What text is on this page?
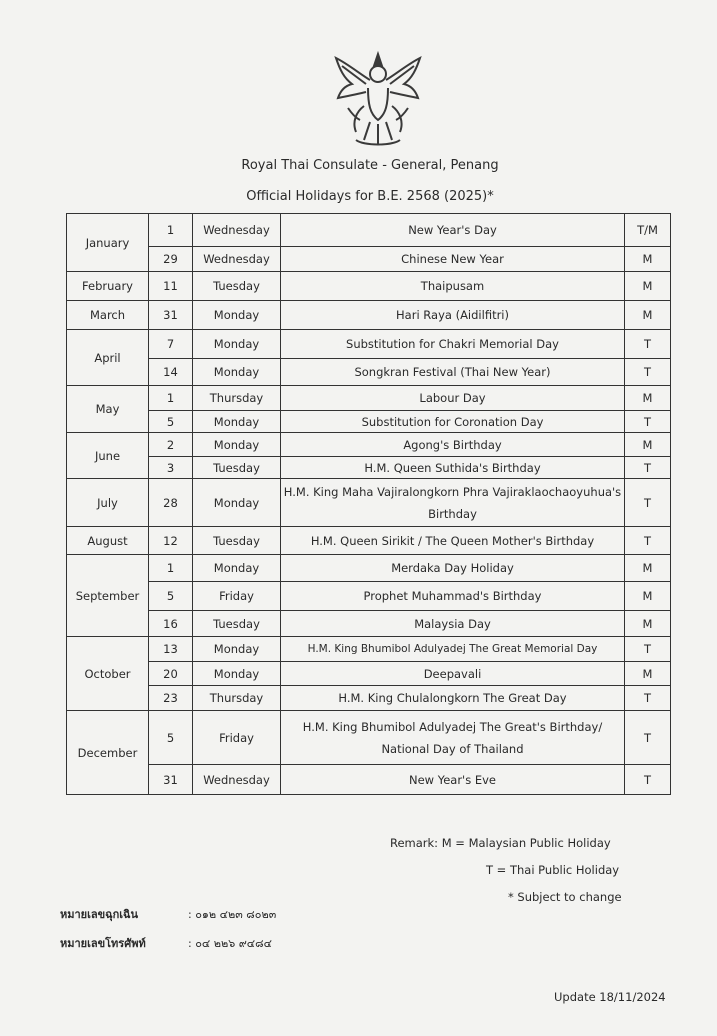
Royal Thai Consulate - General, Penang
Official Holidays for B.E. 2568 (2025)*
January	1	Wednesday	New Year's Day	T/M
	29	Wednesday	Chinese New Year	M
February	11	Tuesday	Thaipusam	M
March	31	Monday	Hari Raya (Aidilfitri)	M
April	7	Monday	Substitution for Chakri Memorial Day	T
	14	Monday	Songkran Festival (Thai New Year)	T
May	1	Thursday	Labour Day	M
	5	Monday	Substitution for Coronation Day	T
June	2	Monday	Agong's Birthday	M
	3	Tuesday	H.M. Queen Suthida's Birthday	T
July	28	Monday	H.M. King Maha Vajiralongkorn Phra Vajiraklaochaoyuhua's Birthday	T
August	12	Tuesday	H.M. Queen Sirikit / The Queen Mother's Birthday	T
September	1	Monday	Merdaka Day Holiday	M
	5	Friday	Prophet Muhammad's Birthday	M
	16	Tuesday	Malaysia Day	M
October	13	Monday	H.M. King Bhumibol Adulyadej The Great Memorial Day	T
	20	Monday	Deepavali	M
	23	Thursday	H.M. King Chulalongkorn The Great Day	T
December	5	Friday	H.M. King Bhumibol Adulyadej The Great's Birthday/ National Day of Thailand	T
	31	Wednesday	New Year's Eve	T
Remark: M = Malaysian Public Holiday
T = Thai Public Holiday
* Subject to change
หมายเลขฉุกเฉิน	: ๐๑๒ ๔๒๓ ๘๐๒๓
หมายเลขโทรศัพท์	: ๐๔ ๒๒๖ ๙๔๘๔
Update 18/11/2024
